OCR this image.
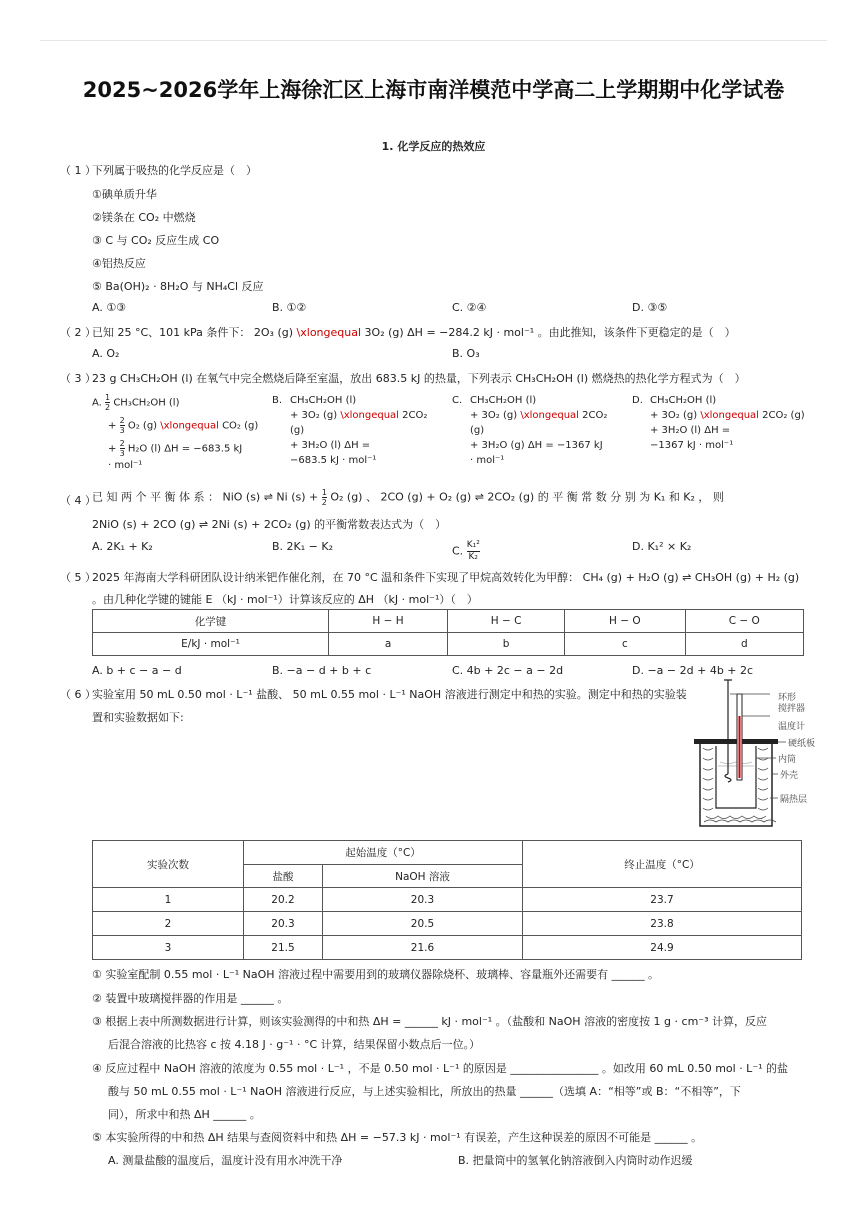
2025~2026学年上海徐汇区上海市南洋模范中学高二上学期期中化学试卷
1. 化学反应的热效应
（ 1 ）
下列属于吸热的化学反应是（　）
①碘单质升华
②镁条在 CO₂ 中燃烧
③ C 与 CO₂ 反应生成 CO
④铝热反应
⑤ Ba(OH)₂ · 8H₂O 与 NH₄Cl 反应
A. ①③	B. ①②	C. ②④	D. ③⑤
（ 2 ）
已知 25 °C、101 kPa 条件下： 2O₃ (g) \xlongequal 3O₂ (g) ΔH = −284.2 kJ · mol⁻¹ 。由此推知，该条件下更稳定的是（　）
A. O₂	B. O₃
（ 3 ）
23 g CH₃CH₂OH (l) 在氧气中完全燃烧后降至室温，放出 683.5 kJ 的热量，下列表示 CH₃CH₂OH (l) 燃烧热的热化学方程式为（　）
A. $\frac{1}{2} CH_3CH_2OH$ (l)
+ $\frac{2}{3} O_2$ (g) \xlongequal CO₂ (g)
+ $\frac{2}{3} H_2O$ (l) ΔH = −683.5 kJ
· mol⁻¹
B. CH₃CH₂OH (l)
+ 3O₂ (g) \xlongequal 2CO₂ (g)
+ 3H₂O (l) ΔH =
−683.5 kJ · mol⁻¹
C. CH₃CH₂OH (l)
+ 3O₂ (g) \xlongequal 2CO₂ (g)
+ 3H₂O (g) ΔH = −1367 kJ
· mol⁻¹
D. CH₃CH₂OH (l)
+ 3O₂ (g) \xlongequal 2CO₂ (g)
+ 3H₂O (l) ΔH =
−1367 kJ · mol⁻¹
（ 4 ）
已 知 两 个 平 衡 体 系 ： NiO (s) ⇌ Ni $(s) + \frac{1}{2} O_2$ (g) 、 2CO (g) + O₂ (g) ⇌ 2CO₂ (g) 的 平 衡 常 数 分 别 为 K₁ 和 K₂ ， 则
2NiO (s) + 2CO (g) ⇌ 2Ni (s) + 2CO₂ (g) 的平衡常数表达式为（　）
A. 2K₁ + K₂	B. 2K₁ − K₂	C. $\frac{\text{K₁²}}{\text{K₂}}$	D. K₁² × K₂
（ 5 ）
2025 年海南大学科研团队设计纳米钯作催化剂，在 70 °C 温和条件下实现了甲烷高效转化为甲醇： CH₄ (g) + H₂O (g) ⇌ CH₃OH (g) + H₂ (g)
。由几种化学键的键能 E （kJ · mol⁻¹）计算该反应的 ΔH （kJ · mol⁻¹）（　）
化学键	H − H	H − C	H − O	C − O
E/kJ · mol⁻¹	a	b	c	d
A. b + c − a − d	B. −a − d + b + c	C. 4b + 2c − a − 2d	D. −a − 2d + 4b + 2c
（ 6 ）
实验室用 50 mL 0.50 mol · L⁻¹ 盐酸、 50 mL 0.55 mol · L⁻¹ NaOH 溶液进行测定中和热的实验。测定中和热的实验装
置和实验数据如下:
环形
搅拌器
温度计
硬纸板
内筒
外壳
隔热层
实验次数	起始温度（°C）		终止温度（°C）
	盐酸	NaOH 溶液	
1	20.2	20.3	23.7
2	20.3	20.5	23.8
3	21.5	21.6	24.9
① 实验室配制 0.55 mol · L⁻¹ NaOH 溶液过程中需要用到的玻璃仪器除烧杯、玻璃棒、容量瓶外还需要有 ______ 。
② 装置中玻璃搅拌器的作用是 ______ 。
③ 根据上表中所测数据进行计算，则该实验测得的中和热 ΔH = ______ kJ · mol⁻¹ 。（盐酸和 NaOH 溶液的密度按 1 g · cm⁻³ 计算，反应
后混合溶液的比热容 c 按 4.18 J · g⁻¹ · °C 计算，结果保留小数点后一位。）
④ 反应过程中 NaOH 溶液的浓度为 0.55 mol · L⁻¹ ，不是 0.50 mol · L⁻¹ 的原因是 ________________ 。如改用 60 mL 0.50 mol · L⁻¹ 的盐
酸与 50 mL 0.55 mol · L⁻¹ NaOH 溶液进行反应，与上述实验相比，所放出的热量 ______（选填 A：“相等”或 B：“不相等”，下
同），所求中和热 ΔH ______ 。
⑤ 本实验所得的中和热 ΔH 结果与查阅资料中和热 ΔH = −57.3 kJ · mol⁻¹ 有误差，产生这种误差的原因不可能是 ______ 。
A. 测量盐酸的温度后，温度计没有用水冲洗干净	B. 把量筒中的氢氧化钠溶液倒入内筒时动作迟缓
